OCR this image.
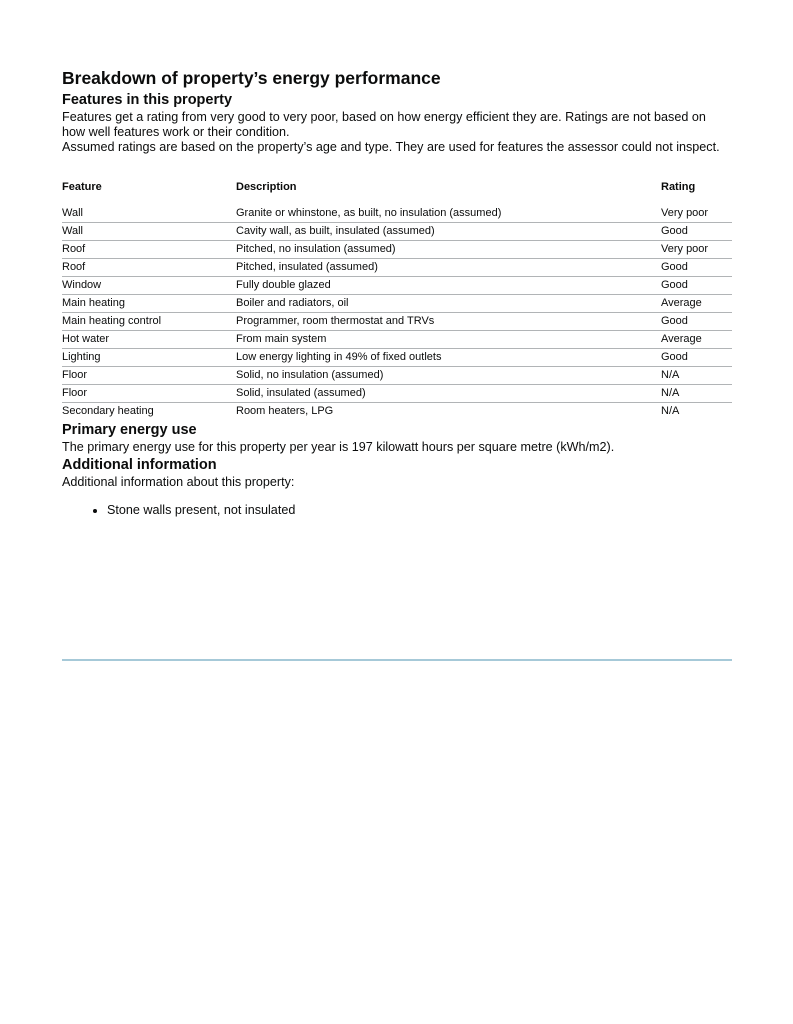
Breakdown of property’s energy performance
Features in this property

Features get a rating from very good to very poor, based on how energy efficient they are. Ratings are not based on how well features work or their condition.

Assumed ratings are based on the property’s age and type. They are used for features the assessor could not inspect.

Feature	Description	Rating
Wall	Granite or whinstone, as built, no insulation (assumed)	Very poor
Wall	Cavity wall, as built, insulated (assumed)	Good
Roof	Pitched, no insulation (assumed)	Very poor
Roof	Pitched, insulated (assumed)	Good
Window	Fully double glazed	Good
Main heating	Boiler and radiators, oil	Average
Main heating control	Programmer, room thermostat and TRVs	Good
Hot water	From main system	Average
Lighting	Low energy lighting in 49% of fixed outlets	Good
Floor	Solid, no insulation (assumed)	N/A
Floor	Solid, insulated (assumed)	N/A
Secondary heating	Room heaters, LPG	N/A
Primary energy use

The primary energy use for this property per year is 197 kilowatt hours per square metre (kWh/m2).

Additional information

Additional information about this property:

• Stone walls present, not insulated
